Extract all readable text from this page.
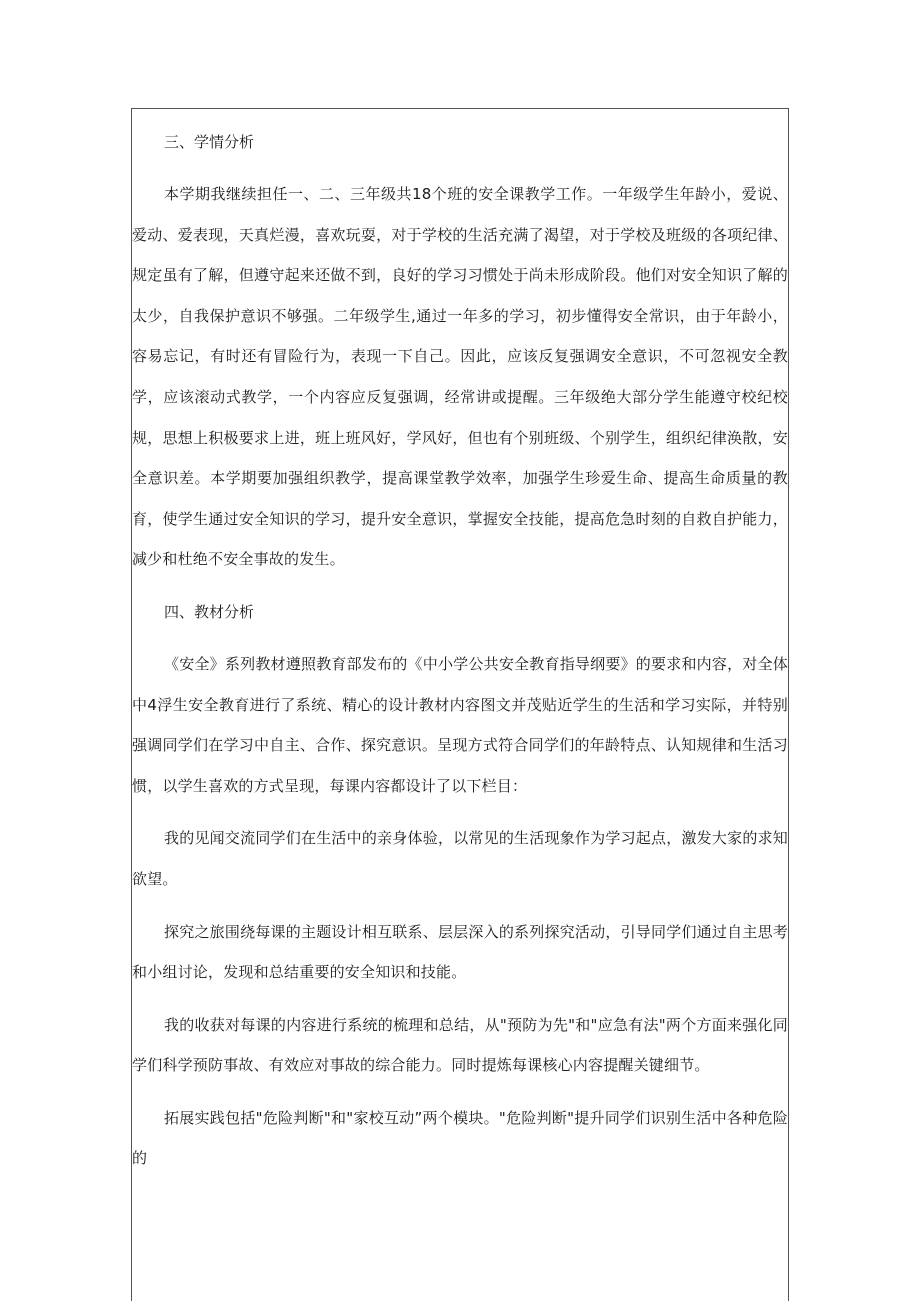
三、学情分析

本学期我继续担任一、二、三年级共18个班的安全课教学工作。一年级学生年龄小，爱说、爱动、爱表现，天真烂漫，喜欢玩耍，对于学校的生活充满了渴望，对于学校及班级的各项纪律、规定虽有了解，但遵守起来还做不到，良好的学习习惯处于尚未形成阶段。他们对安全知识了解的太少，自我保护意识不够强。二年级学生,通过一年多的学习，初步懂得安全常识，由于年龄小，容易忘记，有时还有冒险行为，表现一下自己。因此，应该反复强调安全意识，不可忽视安全教学，应该滚动式教学，一个内容应反复强调，经常讲或提醒。三年级绝大部分学生能遵守校纪校规，思想上积极要求上进，班上班风好，学风好，但也有个别班级、个别学生，组织纪律涣散，安全意识差。本学期要加强组织教学，提高课堂教学效率，加强学生珍爱生命、提高生命质量的教育，使学生通过安全知识的学习，提升安全意识，掌握安全技能，提高危急时刻的自救自护能力，减少和杜绝不安全事故的发生。

四、教材分析

《安全》系列教材遵照教育部发布的《中小学公共安全教育指导纲要》的要求和内容，对全体中4浮生安全教育进行了系统、精心的设计教材内容图文并茂贴近学生的生活和学习实际，并特别强调同学们在学习中自主、合作、探究意识。呈现方式符合同学们的年龄特点、认知规律和生活习惯，以学生喜欢的方式呈现，每课内容都设计了以下栏目：

我的见闻交流同学们在生活中的亲身体验，以常见的生活现象作为学习起点，激发大家的求知欲望。

探究之旅围绕每课的主题设计相互联系、层层深入的系列探究活动，引导同学们通过自主思考和小组讨论，发现和总结重要的安全知识和技能。

我的收获对每课的内容进行系统的梳理和总结，从"预防为先"和"应急有法"两个方面来强化同学们科学预防事故、有效应对事故的综合能力。同时提炼每课核心内容提醒关键细节。

拓展实践包括"危险判断"和"家校互动”两个模块。"危险判断"提升同学们识别生活中各种危险的
